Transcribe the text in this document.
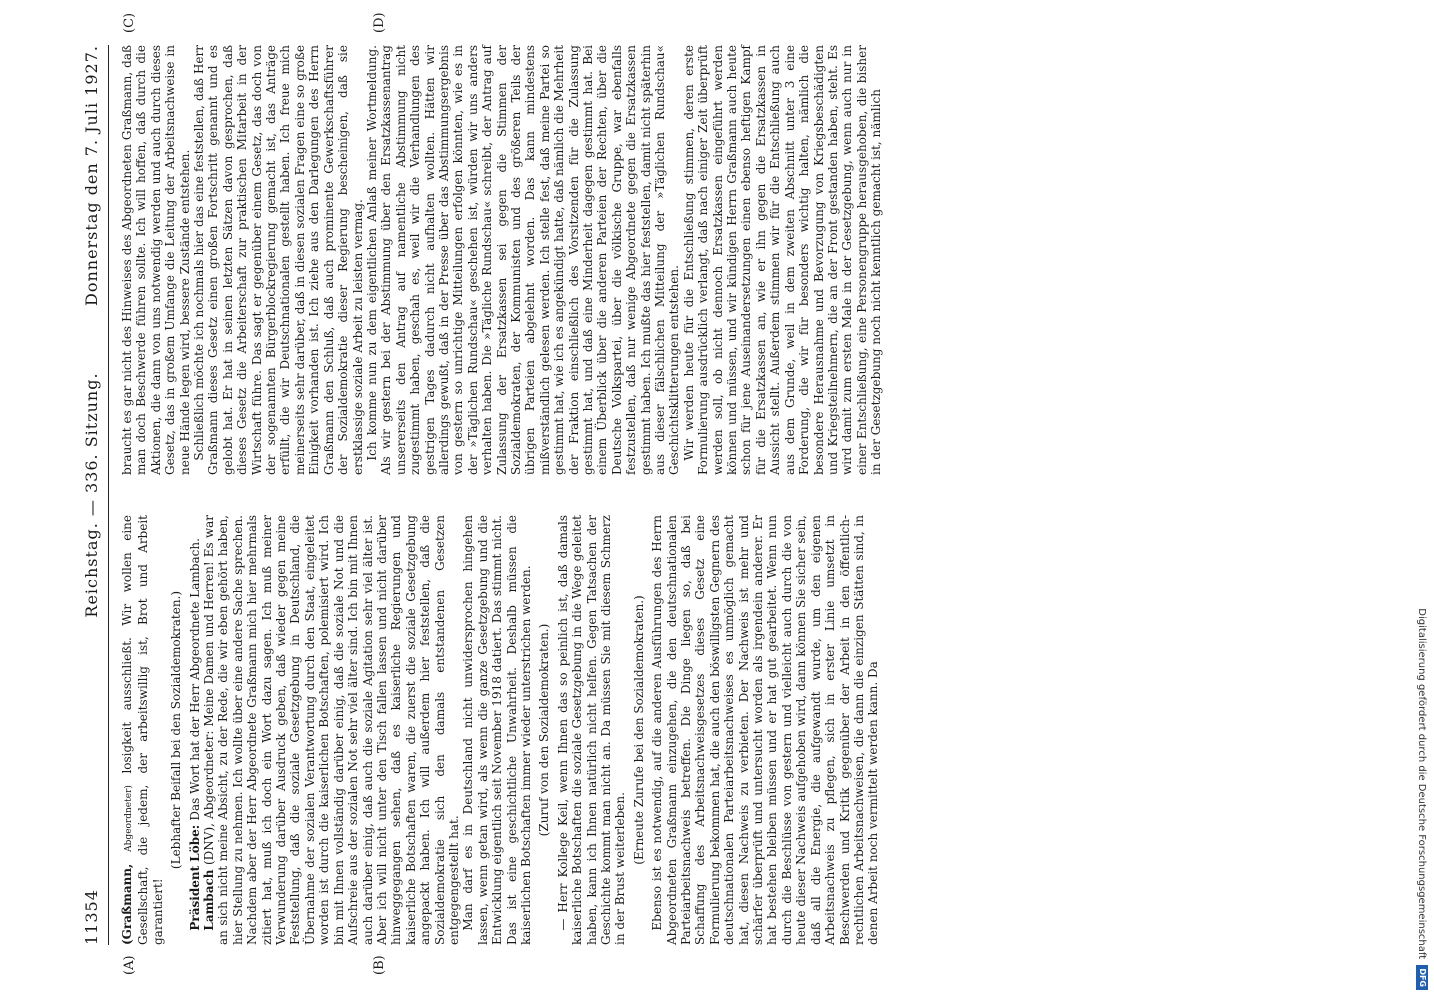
11354
Reichstag. — 336. Sitzung.
Donnerstag den 7. Juli 1927.
(A)	(B)
(C)	(D)

(Graßmann, Abgeordneter) losigkeit ausschließt. Wir wollen eine Gesellschaft, die jedem, der arbeitswillig ist, Brot und Arbeit garantiert!

(Lebhafter Beifall bei den Sozialdemokraten.)

Präsident Löbe: Das Wort hat der Herr Abgeordnete Lambach.

Lambach (DNV), Abgeordneter: Meine Damen und Herren! Es war an sich nicht meine Absicht, zu der Rede, die wir eben gehört haben, hier Stellung zu nehmen. Ich wollte über eine andere Sache sprechen. Nachdem aber der Herr Abgeordnete Graßmann mich hier mehrmals zitiert hat, muß ich doch ein Wort dazu sagen. Ich muß meiner Verwunderung darüber Ausdruck geben, daß wieder gegen meine Feststellung, daß die soziale Gesetzgebung in Deutschland, die Übernahme der sozialen Verantwortung durch den Staat, eingeleitet worden ist durch die kaiserlichen Botschaften, polemisiert wird. Ich bin mit Ihnen vollständig darüber einig, daß die soziale Not und die Aufschreie aus der sozialen Not sehr viel älter sind. Ich bin mit Ihnen auch darüber einig, daß auch die soziale Agitation sehr viel älter ist. Aber ich will nicht unter den Tisch fallen lassen und nicht darüber hinweggegangen sehen, daß es kaiserliche Regierungen und kaiserliche Botschaften waren, die zuerst die soziale Gesetzgebung angepackt haben. Ich will außerdem hier feststellen, daß die Sozialdemokratie sich den damals entstandenen Gesetzen entgegengestellt hat. Man darf es in Deutschland nicht unwidersprochen hingehen lassen, wenn getan wird, als wenn die ganze Gesetzgebung und die Entwicklung eigentlich seit November 1918 datiert. Das stimmt nicht. Das ist eine geschichtliche Unwahrheit. Deshalb müssen die kaiserlichen Botschaften immer wieder unterstrichen werden. (Zuruf von den Sozialdemokraten.) — Herr Kollege Keil, wenn Ihnen das so peinlich ist, daß damals kaiserliche Botschaften die soziale Gesetzgebung in die Wege geleitet haben, kann ich Ihnen natürlich nicht helfen. Gegen Tatsachen der Geschichte kommt man nicht an. Da müssen Sie mit diesem Schmerz in der Brust weiterleben.

(Erneute Zurufe bei den Sozialdemokraten.) Ebenso ist es notwendig, auf die anderen Ausführungen des Herrn Abgeordneten Graßmann einzugehen, die den deutschnationalen Parteiarbeitsnachweis betreffen. Die Dinge liegen so, daß bei Schaffung des Arbeitsnachweisgesetzes dieses Gesetz eine Formulierung bekommen hat, die auch den böswilligsten Gegnern des deutschnationalen Parteiarbeitsnachweises es unmöglich gemacht hat, diesen Nachweis zu verbieten. Der Nachweis ist mehr und schärfer überprüft und untersucht worden als irgendein anderer. Er hat bestehen bleiben müssen und er hat gut gearbeitet. Wenn nun durch die Beschlüsse von gestern und vielleicht auch durch die von heute dieser Nachweis aufgehoben wird, dann können Sie sicher sein, daß all die Energie, die aufgewandt wurde, um den eigenen Arbeitsnachweis zu pflegen, sich in erster Linie umsetzt in Beschwerden und Kritik gegenüber der Arbeit in den öffentlich-rechtlichen Arbeitsnachweisen, die dann die einzigen Stätten sind, in denen Arbeit noch vermittelt werden kann. Da

braucht es gar nicht des Hinweises des Abgeordneten Graßmann, daß man doch Beschwerde führen sollte. Ich will hoffen, daß durch die Aktionen, die dann von uns notwendig werden und auch durch dieses Gesetz, das in großem Umfange die Leitung der Arbeitsnachweise in neue Hände legen wird, bessere Zustände entstehen. Schließlich möchte ich nochmals hier das eine feststellen, daß Herr Graßmann dieses Gesetz einen großen Fortschritt genannt und es gelobt hat. Er hat in seinen letzten Sätzen davon gesprochen, daß dieses Gesetz die Arbeiterschaft zur praktischen Mitarbeit in der Wirtschaft führe. Das sagt er gegenüber einem Gesetz, das doch von der sogenannten Bürgerblockregierung gemacht ist, das Anträge erfüllt, die wir Deutschnationalen gestellt haben. Ich freue mich meinerseits sehr darüber, daß in diesen sozialen Fragen eine so große Einigkeit vorhanden ist. Ich ziehe aus den Darlegungen des Herrn Graßmann den Schluß, daß auch prominente Gewerkschaftsführer der Sozialdemokratie dieser Regierung bescheinigen, daß sie erstklassige soziale Arbeit zu leisten vermag. Ich komme nun zu dem eigentlichen Anlaß meiner Wortmeldung. Als wir gestern bei der Abstimmung über den Ersatzkassenantrag unsererseits den Antrag auf namentliche Abstimmung nicht zugestimmt haben, geschah es, weil wir die Verhandlungen des gestrigen Tages dadurch nicht aufhalten wollten. Hätten wir allerdings gewußt, daß in der Presse über das Abstimmungsergebnis von gestern so unrichtige Mitteilungen erfolgen könnten, wie es in der »Täglichen Rundschau« geschehen ist, würden wir uns anders verhalten haben. Die »Tägliche Rundschau« schreibt, der Antrag auf Zulassung der Ersatzkassen sei gegen die Stimmen der Sozialdemokraten, der Kommunisten und des größeren Teils der übrigen Parteien abgelehnt worden. Das kann mindestens mißverständlich gelesen werden. Ich stelle fest, daß meine Partei so gestimmt hat, wie ich es angekündigt hatte, daß nämlich die Mehrheit der Fraktion einschließlich des Vorsitzenden für die Zulassung gestimmt hat, und daß eine Minderheit dagegen gestimmt hat. Bei einem Überblick über die anderen Parteien der Rechten, über die Deutsche Volkspartei, über die völkische Gruppe, war ebenfalls festzustellen, daß nur wenige Abgeordnete gegen die Ersatzkassen gestimmt haben. Ich mußte das hier feststellen, damit nicht späterhin aus dieser fälschlichen Mitteilung der »Täglichen Rundschau« Geschichtsklitterungen entstehen. Wir werden heute für die Entschließung stimmen, deren erste Formulierung ausdrücklich verlangt, daß nach einiger Zeit überprüft werden soll, ob nicht dennoch Ersatzkassen eingeführt werden können und müssen, und wir kündigen Herrn Graßmann auch heute schon für jene Auseinandersetzungen einen ebenso heftigen Kampf für die Ersatzkassen an, wie er ihn gegen die Ersatzkassen in Aussicht stellt. Außerdem stimmen wir für die Entschließung auch aus dem Grunde, weil in dem zweiten Abschnitt unter 3 eine Forderung, die wir für besonders wichtig halten, nämlich die besondere Herausnahme und Bevorzugung von Kriegsbeschädigten und Kriegsteilnehmern, die an der Front gestanden haben, steht. Es wird damit zum ersten Male in der Gesetzgebung, wenn auch nur in einer Entschließung, eine Personengruppe herausgehoben, die bisher in der Gesetzgebung noch nicht kenntlich gemacht ist, nämlich

Digitalisierung gefördert durch die Deutsche Forschungsgemeinschaft DFG
